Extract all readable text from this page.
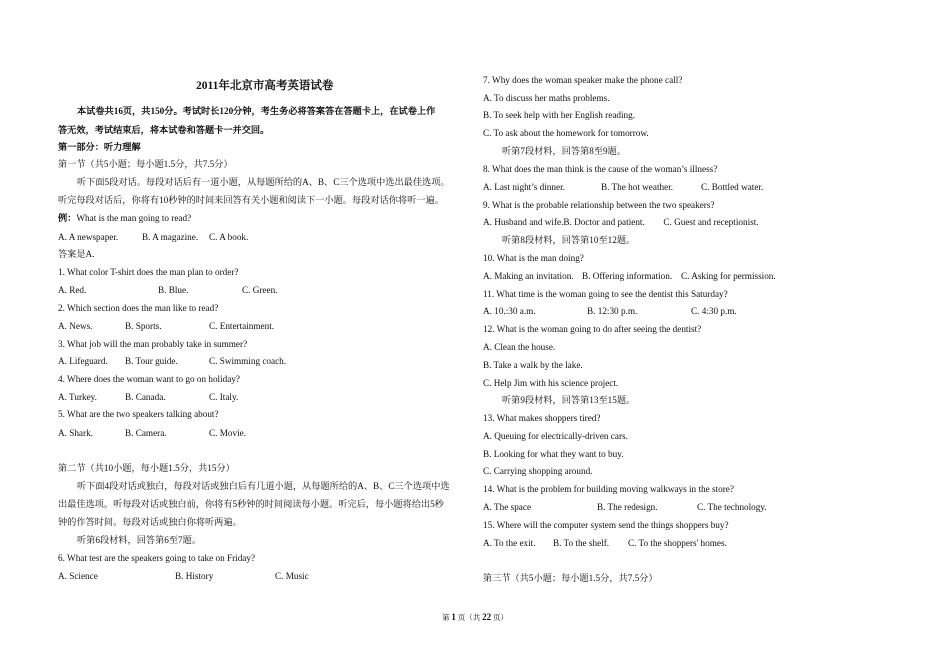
2011年北京市高考英语试卷
本试卷共16页，共150分。考试时长120分钟，考生务必将答案答在答题卡上，在试卷上作
答无效，考试结束后，将本试卷和答题卡一并交回。
第一部分：听力理解
第一节（共5小题；每小题1.5分，共7.5分）
听下面5段对话。每段对话后有一道小题，从每题所给的A、B、C三个选项中选出最佳选项。
听完每段对话后，你将有10秒钟的时间来回答有关小题和阅读下一小题。每段对话你将听一遍。
例：What is the man going to read?
A. A newspaper.	B. A magazine. C. A book.
答案是A.
1. What color T-shirt does the man plan to order?
A. Red.	B. Blue.	C. Green.
2. Which section does the man like to read?
A. News.	B. Sports.	C. Entertainment.
3. What job will the man probably take in summer?
A. Lifeguard. B. Tour guide.	C. Swimming coach.
4. Where does the woman want to go on holiday?
A. Turkey.	B. Canada.	C. Italy.
5. What are the two speakers talking about?
A. Shark.	B. Camera.	C. Movie.
第二节（共10小题，每小题1.5分，共15分）
听下面4段对话或独白，每段对话或独白后有几道小题，从每题所给的A、B、C三个选项中选
出最佳选项。听每段对话或独白前，你将有5秒钟的时间阅读每小题。听完后，每小题将给出5秒
钟的作答时间。每段对话或独白你将听两遍。
听第6段材料，回答第6至7题。
6. What test are the speakers going to take on Friday?
A. Science	B. History	C. Music
7. Why does the woman speaker make the phone call?
A. To discuss her maths problems.
B. To seek help with her English reading.
C. To ask about the homework for tomorrow.
听第7段材料，回答第8至9题。
8. What does the man think is the cause of the woman’s illness?
A. Last night’s dinner.	B. The hot weather.	C. Bottled water.
9. What is the probable relationship between the two speakers?
A. Husband and wife.B. Doctor and patient. C. Guest and receptionist.
听第8段材料，回答第10至12题。
10. What is the man doing?
A. Making an invitation. B. Offering information. C. Asking for permission.
11. What time is the woman going to see the dentist this Saturday?
A. 10.:30 a.m.	B. 12:30 p.m.	C. 4:30 p.m.
12. What is the woman going to do after seeing the dentist?
A. Clean the house.
B. Take a walk by the lake.
C. Help Jim with his science project.
听第9段材料，回答第13至15题。
13. What makes shoppers tired?
A. Queuing for electrically-driven cars.
B. Looking for what they want to buy.
C. Carrying shopping around.
14. What is the problem for building moving walkways in the store?
A. The space	B. The redesign.	C. The technology.
15. Where will the computer system send the things shoppers buy?
A. To the exit. B. To the shelf. C. To the shoppers' homes.
第三节（共5小题；每小题1.5分，共7.5分）
第 1 页（共 22 页）
